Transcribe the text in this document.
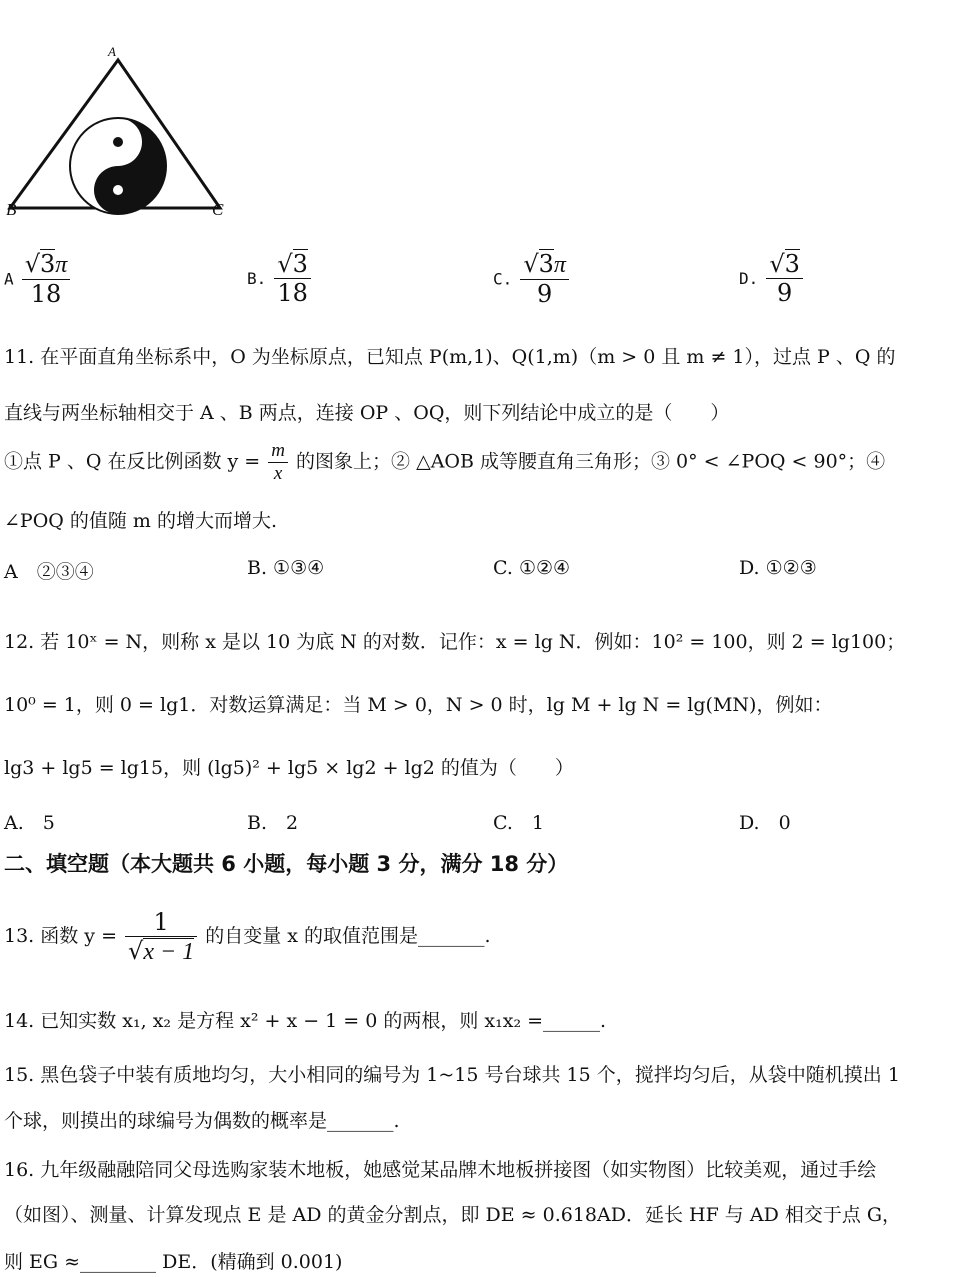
A
B	C
A $\frac{√3\pi}{18}$	B. $\frac{√3}{18}$	C. $\frac{√3\pi}{9}$	D. $\frac{√3}{9}$
11. 在平面直角坐标系中，O 为坐标原点，已知点 P(m,1)、Q(1,m)（m > 0 且 m ≠ 1），过点 P 、Q 的
直线与两坐标轴相交于 A 、B 两点，连接 OP 、OQ，则下列结论中成立的是（　　）
①点 P 、Q 在反比例函数 $y = \frac{m}{x}$ 的图象上；② △AOB 成等腰直角三角形；③ 0° < ∠POQ < 90°；④
∠POQ 的值随 m 的增大而增大.
A　②③④	B. ①③④	C. ①②④	D. ①②③
12. 若 10ˣ = N，则称 x 是以 10 为底 N 的对数．记作：x = lg N．例如：10² = 100，则 2 = lg100；
10⁰ = 1，则 0 = lg1．对数运算满足：当 M > 0，N > 0 时，lg M + lg N = lg(MN)，例如：
lg3 + lg5 = lg15，则 (lg5)² + lg5 × lg2 + lg2 的值为（　　）
A.　5	B.　2	C.　1	D.　0
二、填空题（本大题共 6 小题，每小题 3 分，满分 18 分）
13. 函数 $y = \frac{1}{√x - 1}$ 的自变量 x 的取值范围是_______.
14. 已知实数 x₁, x₂ 是方程 x² + x − 1 = 0 的两根，则 x₁x₂ =______.
15. 黑色袋子中装有质地均匀，大小相同的编号为 1~15 号台球共 15 个，搅拌均匀后，从袋中随机摸出 1
个球，则摸出的球编号为偶数的概率是_______.
16. 九年级融融陪同父母选购家装木地板，她感觉某品牌木地板拼接图（如实物图）比较美观，通过手绘
（如图）、测量、计算发现点 E 是 AD 的黄金分割点，即 DE ≈ 0.618AD．延长 HF 与 AD 相交于点 G，
则 EG ≈________ DE．(精确到 0.001)
